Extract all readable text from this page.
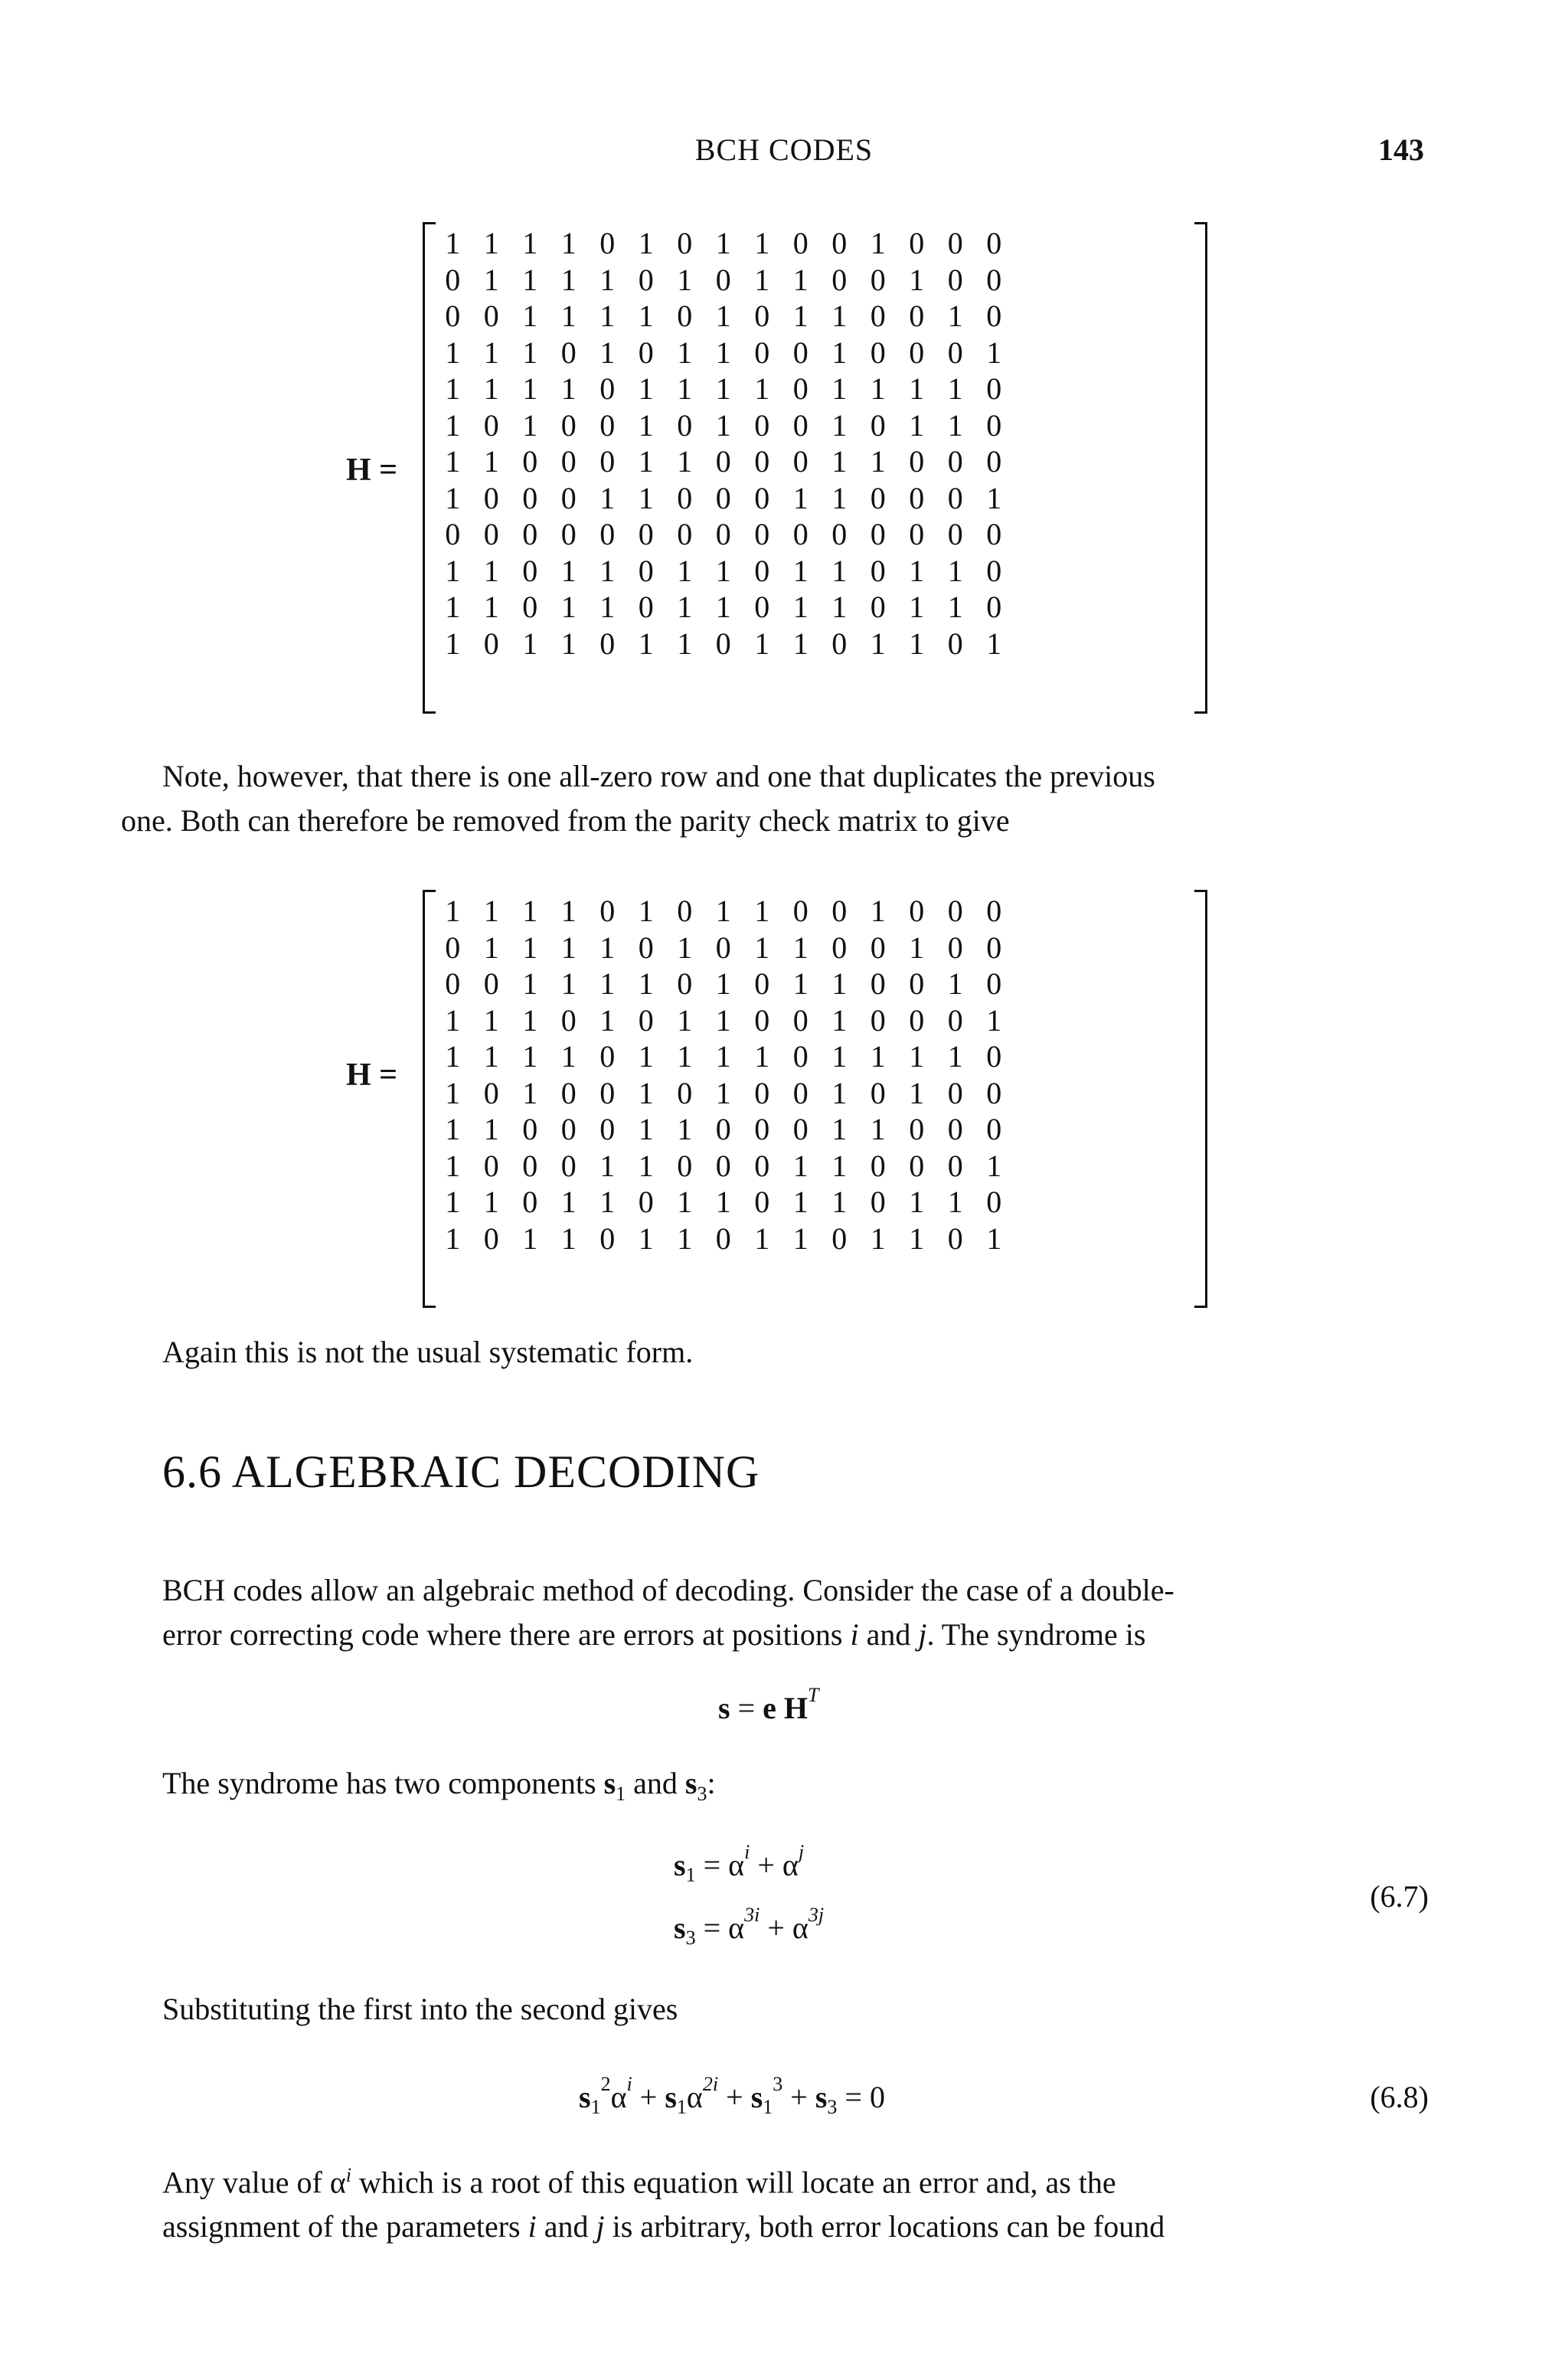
BCH CODES	143
H =
1 1 1 1 0 1 0 1 1 0 0 1 0 0 0
0 1 1 1 1 0 1 0 1 1 0 0 1 0 0
0 0 1 1 1 1 0 1 0 1 1 0 0 1 0
1 1 1 0 1 0 1 1 0 0 1 0 0 0 1
1 1 1 1 0 1 1 1 1 0 1 1 1 1 0
1 0 1 0 0 1 0 1 0 0 1 0 1 1 0
1 1 0 0 0 1 1 0 0 0 1 1 0 0 0
1 0 0 0 1 1 0 0 0 1 1 0 0 0 1
0 0 0 0 0 0 0 0 0 0 0 0 0 0 0
1 1 0 1 1 0 1 1 0 1 1 0 1 1 0
1 1 0 1 1 0 1 1 0 1 1 0 1 1 0
1 0 1 1 0 1 1 0 1 1 0 1 1 0 1
Note, however, that there is one all-zero row and one that duplicates the previous
one. Both can therefore be removed from the parity check matrix to give
H =
1 1 1 1 0 1 0 1 1 0 0 1 0 0 0
0 1 1 1 1 0 1 0 1 1 0 0 1 0 0
0 0 1 1 1 1 0 1 0 1 1 0 0 1 0
1 1 1 0 1 0 1 1 0 0 1 0 0 0 1
1 1 1 1 0 1 1 1 1 0 1 1 1 1 0
1 0 1 0 0 1 0 1 0 0 1 0 1 0 0
1 1 0 0 0 1 1 0 0 0 1 1 0 0 0
1 0 0 0 1 1 0 0 0 1 1 0 0 0 1
1 1 0 1 1 0 1 1 0 1 1 0 1 1 0
1 0 1 1 0 1 1 0 1 1 0 1 1 0 1
Again this is not the usual systematic form.
6.6 ALGEBRAIC DECODING
BCH codes allow an algebraic method of decoding. Consider the case of a double-
error correcting code where there are errors at positions i and j. The syndrome is
s = e $H^T$
The syndrome has two components $s_1$ and $s_3$:
$s_1 = \alpha^i + \alpha^j$
$s_3 = \alpha^{3i} + \alpha^{3j}$
(6.7)
Substituting the first into the second gives
$s_1^2\alpha^i + s_1\alpha^{2i} + s_1^3 + s_3 = 0$	(6.8)
Any value of $\alpha^i$ which is a root of this equation will locate an error and, as the
assignment of the parameters i and j is arbitrary, both error locations can be found
